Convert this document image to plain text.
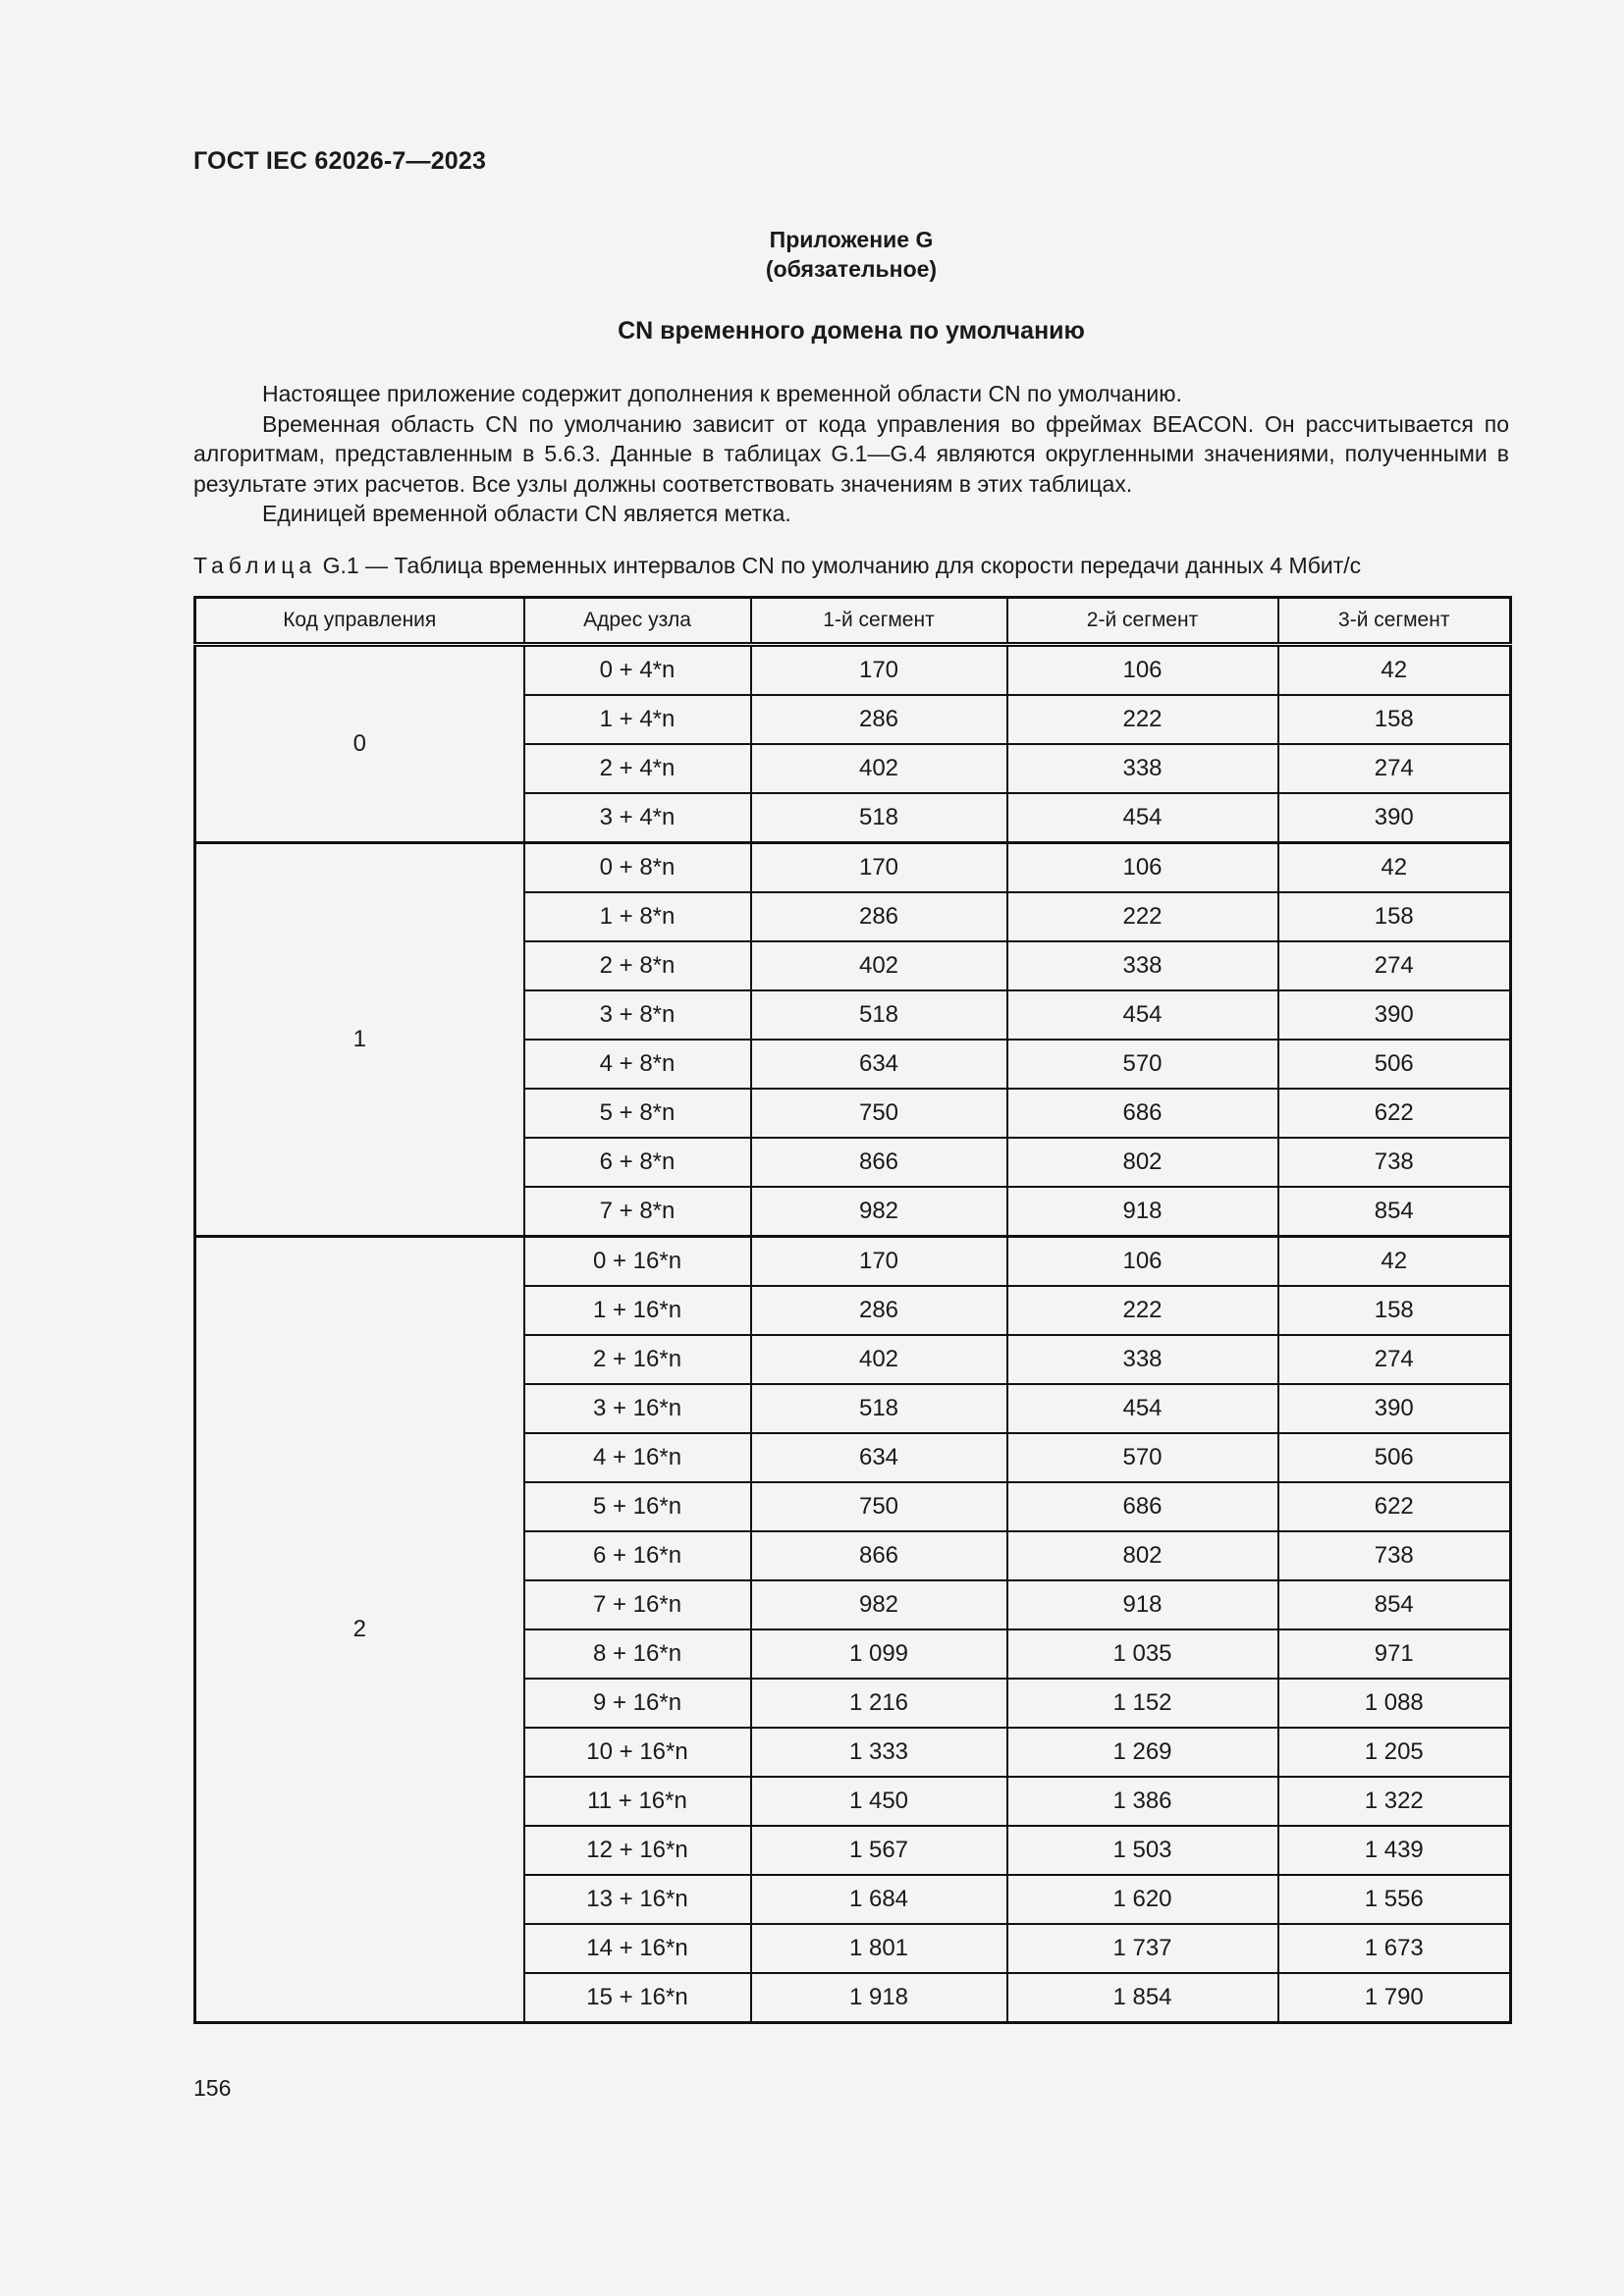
ГОСТ IEC 62026-7—2023
Приложение G
(обязательное)
CN временного домена по умолчанию

Настоящее приложение содержит дополнения к временной области CN по умолчанию.

Временная область CN по умолчанию зависит от кода управления во фреймах BEACON. Он рассчитывается по алгоритмам, представленным в 5.6.3. Данные в таблицах G.1—G.4 являются округленными значениями, полученными в результате этих расчетов. Все узлы должны соответствовать значениям в этих таблицах.

Единицей временной области CN является метка.

Таблица G.1 — Таблица временных интервалов CN по умолчанию для скорости передачи данных 4 Мбит/с
Код управления	Адрес узла	1-й сегмент	2-й сегмент	3-й сегмент
0	0 + 4*n	170	106	42
	1 + 4*n	286	222	158
	2 + 4*n	402	338	274
	3 + 4*n	518	454	390
1	0 + 8*n	170	106	42
	1 + 8*n	286	222	158
	2 + 8*n	402	338	274
	3 + 8*n	518	454	390
	4 + 8*n	634	570	506
	5 + 8*n	750	686	622
	6 + 8*n	866	802	738
	7 + 8*n	982	918	854
2	0 + 16*n	170	106	42
	1 + 16*n	286	222	158
	2 + 16*n	402	338	274
	3 + 16*n	518	454	390
	4 + 16*n	634	570	506
	5 + 16*n	750	686	622
	6 + 16*n	866	802	738
	7 + 16*n	982	918	854
	8 + 16*n	1 099	1 035	971
	9 + 16*n	1 216	1 152	1 088
	10 + 16*n	1 333	1 269	1 205
	11 + 16*n	1 450	1 386	1 322
	12 + 16*n	1 567	1 503	1 439
	13 + 16*n	1 684	1 620	1 556
	14 + 16*n	1 801	1 737	1 673
	15 + 16*n	1 918	1 854	1 790
156
